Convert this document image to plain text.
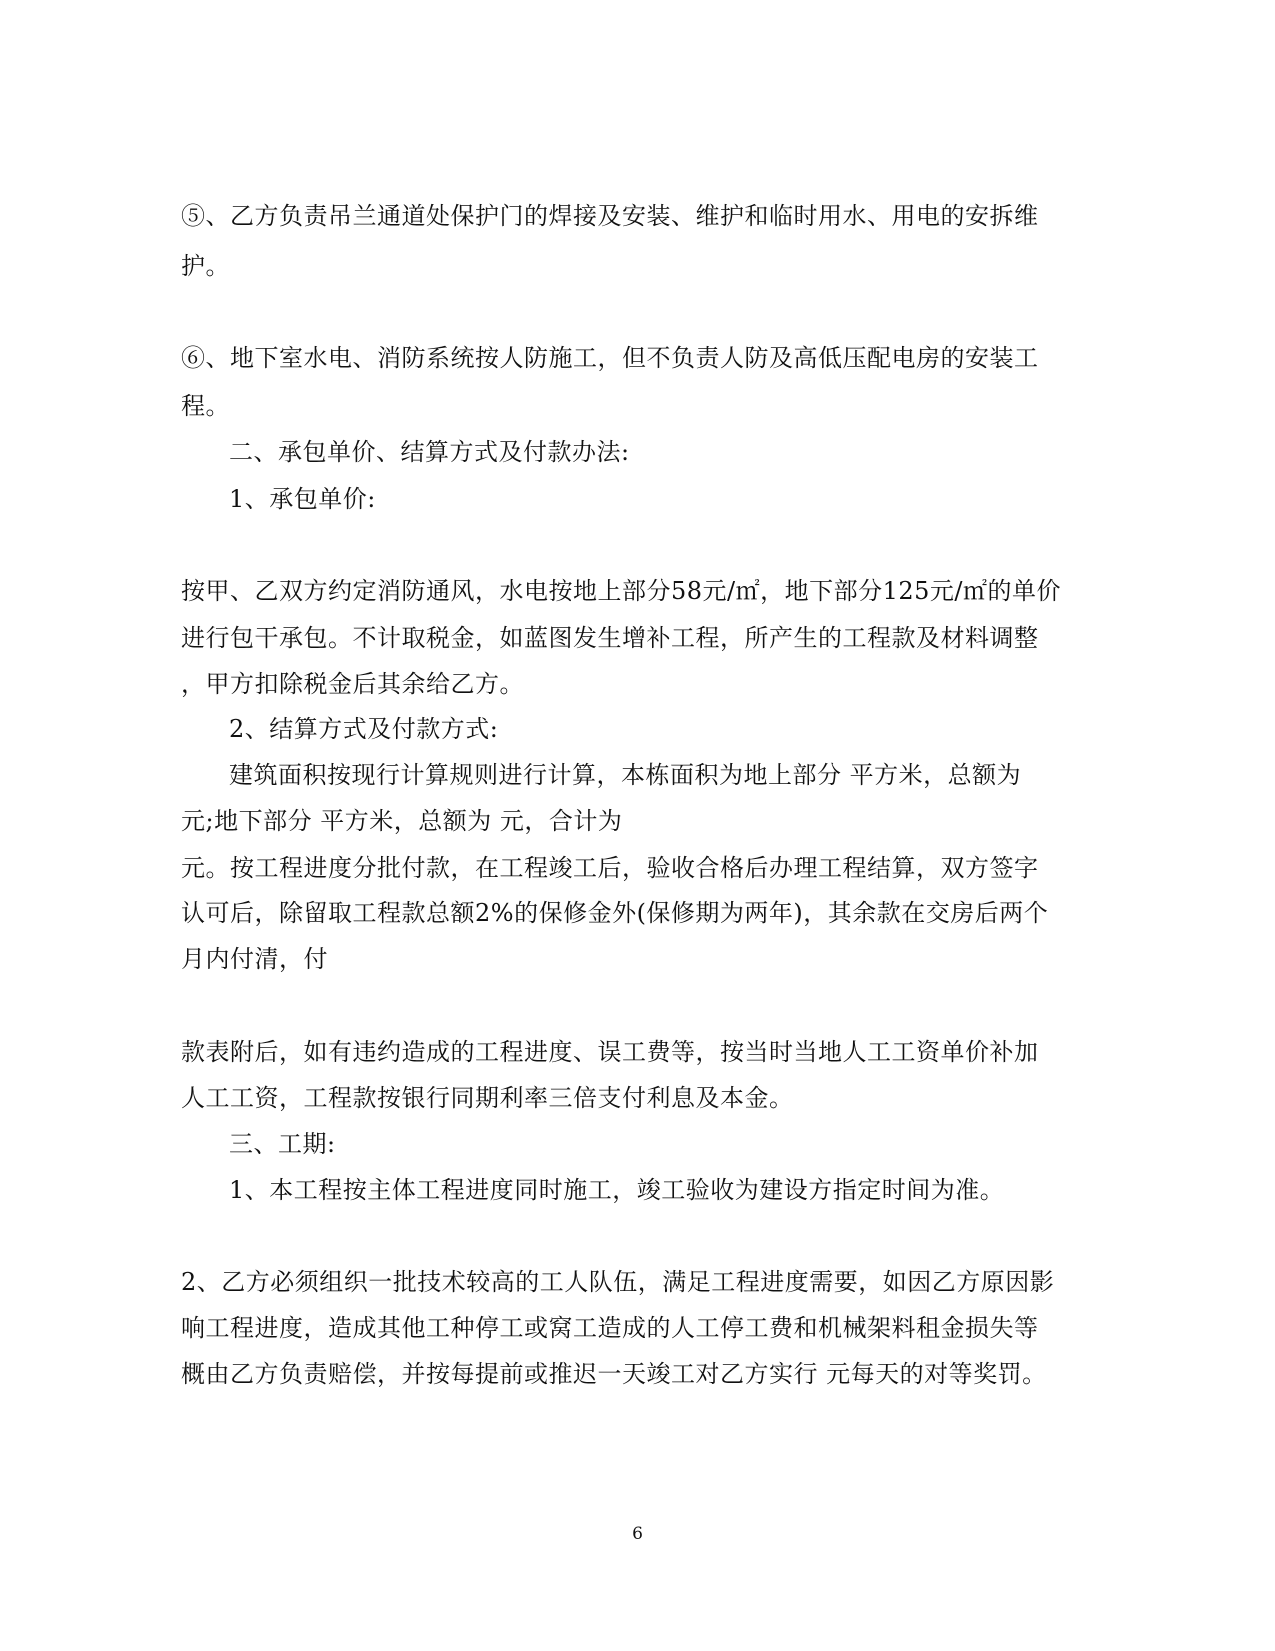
⑤、乙方负责吊兰通道处保护门的焊接及安装、维护和临时用水、用电的安拆维
护。
⑥、地下室水电、消防系统按人防施工，但不负责人防及高低压配电房的安装工
程。
二、承包单价、结算方式及付款办法:
1、承包单价:
按甲、乙双方约定消防通风，水电按地上部分58元/㎡，地下部分125元/㎡的单价
进行包干承包。不计取税金，如蓝图发生增补工程，所产生的工程款及材料调整
，甲方扣除税金后其余给乙方。
2、结算方式及付款方式:
建筑面积按现行计算规则进行计算，本栋面积为地上部分 平方米，总额为
元;地下部分 平方米，总额为 元，合计为
元。按工程进度分批付款，在工程竣工后，验收合格后办理工程结算，双方签字
认可后，除留取工程款总额2%的保修金外(保修期为两年)，其余款在交房后两个
月内付清，付
款表附后，如有违约造成的工程进度、误工费等，按当时当地人工工资单价补加
人工工资，工程款按银行同期利率三倍支付利息及本金。
三、工期:
1、本工程按主体工程进度同时施工，竣工验收为建设方指定时间为准。
2、乙方必须组织一批技术较高的工人队伍，满足工程进度需要，如因乙方原因影
响工程进度，造成其他工种停工或窝工造成的人工停工费和机械架料租金损失等
概由乙方负责赔偿，并按每提前或推迟一天竣工对乙方实行 元每天的对等奖罚。
6
